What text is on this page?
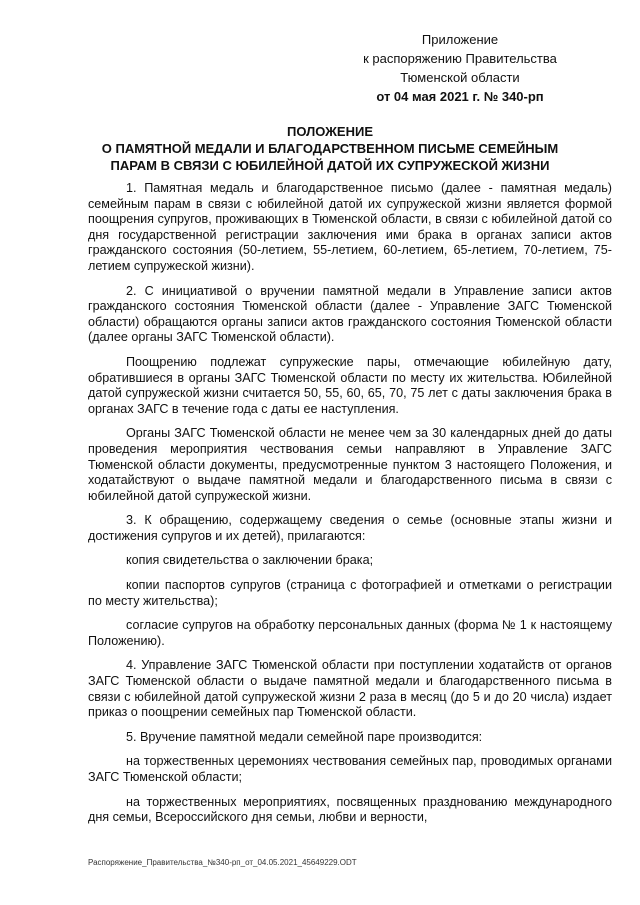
Приложение
к распоряжению Правительства
Тюменской области
от 04 мая 2021 г. № 340-рп
ПОЛОЖЕНИЕ
О ПАМЯТНОЙ МЕДАЛИ И БЛАГОДАРСТВЕННОМ ПИСЬМЕ СЕМЕЙНЫМ
ПАРАМ В СВЯЗИ С ЮБИЛЕЙНОЙ ДАТОЙ ИХ СУПРУЖЕСКОЙ ЖИЗНИ

1. Памятная медаль и благодарственное письмо (далее - памятная медаль) семейным парам в связи с юбилейной датой их супружеской жизни является формой поощрения супругов, проживающих в Тюменской области, в связи с юбилейной датой со дня государственной регистрации заключения ими брака в органах записи актов гражданского состояния (50-летием, 55-летием, 60-летием, 65-летием, 70-летием, 75-летием супружеской жизни).

2. С инициативой о вручении памятной медали в Управление записи актов гражданского состояния Тюменской области (далее - Управление ЗАГС Тюменской области) обращаются органы записи актов гражданского состояния Тюменской области (далее органы ЗАГС Тюменской области).

Поощрению подлежат супружеские пары, отмечающие юбилейную дату, обратившиеся в органы ЗАГС Тюменской области по месту их жительства. Юбилейной датой супружеской жизни считается 50, 55, 60, 65, 70, 75 лет с даты заключения брака в органах ЗАГС в течение года с даты ее наступления.

Органы ЗАГС Тюменской области не менее чем за 30 календарных дней до даты проведения мероприятия чествования семьи направляют в Управление ЗАГС Тюменской области документы, предусмотренные пунктом 3 настоящего Положения, и ходатайствуют о выдаче памятной медали и благодарственного письма в связи с юбилейной датой супружеской жизни.

3. К обращению, содержащему сведения о семье (основные этапы жизни и достижения супругов и их детей), прилагаются:

копия свидетельства о заключении брака;

копии паспортов супругов (страница с фотографией и отметками о регистрации по месту жительства);

согласие супругов на обработку персональных данных (форма № 1 к настоящему Положению).

4. Управление ЗАГС Тюменской области при поступлении ходатайств от органов ЗАГС Тюменской области о выдаче памятной медали и благодарственного письма в связи с юбилейной датой супружеской жизни 2 раза в месяц (до 5 и до 20 числа) издает приказ о поощрении семейных пар Тюменской области.

5. Вручение памятной медали семейной паре производится:

на торжественных церемониях чествования семейных пар, проводимых органами ЗАГС Тюменской области;

на торжественных мероприятиях, посвященных празднованию международного дня семьи, Всероссийского дня семьи, любви и верности,

Распоряжение_Правительства_№340-рп_от_04.05.2021_45649229.ODT
